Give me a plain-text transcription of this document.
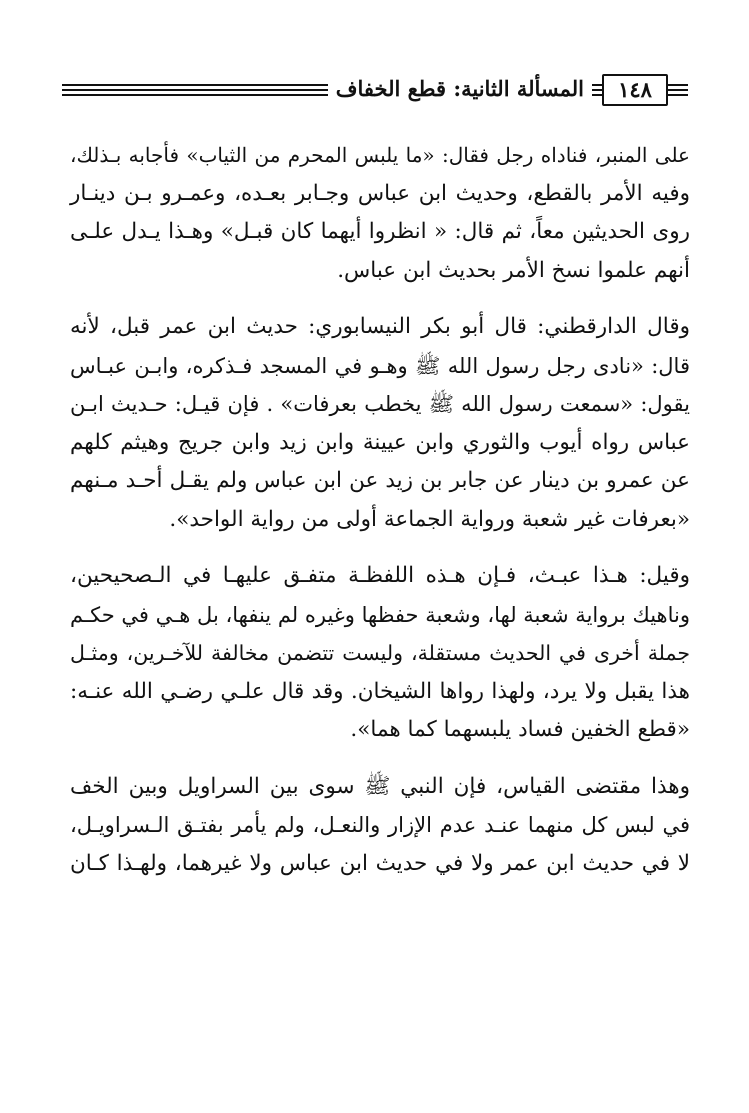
١٤٨
المسألة الثانية: قطع الخفاف

على المنبر، فناداه رجل فقال: «ما يلبس المحرم من الثياب» فأجابه بـذلك،
وفيه الأمر بالقطع، وحديث ابن عباس وجـابر بعـده، وعمـرو بـن دينـار
روى الحديثين معاً، ثم قال: « انظروا أيهما كان قبـل» وهـذا يـدل علـى
أنهم علموا نسخ الأمر بحديث ابن عباس.

وقال الدارقطني: قال أبو بكر النيسابوري: حديث ابن عمر قبل، لأنه
قال: «نادى رجل رسول الله ﷺ وهـو في المسجد فـذكره، وابـن عبـاس
يقول: «سمعت رسول الله ﷺ يخطب بعرفات» . فإن قيـل: حـديث ابـن
عباس رواه أيوب والثوري وابن عيينة وابن زيد وابن جريج وهيثم كلهم
عن عمرو بن دينار عن جابر بن زيد عن ابن عباس ولم يقـل أحـد مـنهم
«بعرفات غير شعبة ورواية الجماعة أولى من رواية الواحد».

وقيل: هـذا عبـث، فـإن هـذه اللفظـة متفـق عليهـا في الـصحيحين،
وناهيك برواية شعبة لها، وشعبة حفظها وغيره لم ينفها، بل هـي في حكـم
جملة أخرى في الحديث مستقلة، وليست تتضمن مخالفة للآخـرين، ومثـل
هذا يقبل ولا يرد، ولهذا رواها الشيخان. وقد قال علـي رضـي الله عنـه:
«قطع الخفين فساد يلبسهما كما هما».

وهذا مقتضى القياس، فإن النبي ﷺ سوى بين السراويل وبين الخف
في لبس كل منهما عنـد عدم الإزار والنعـل، ولم يأمر بفتـق الـسراويـل،
لا في حديث ابن عمر ولا في حديث ابن عباس ولا غيرهما، ولهـذا كـان
